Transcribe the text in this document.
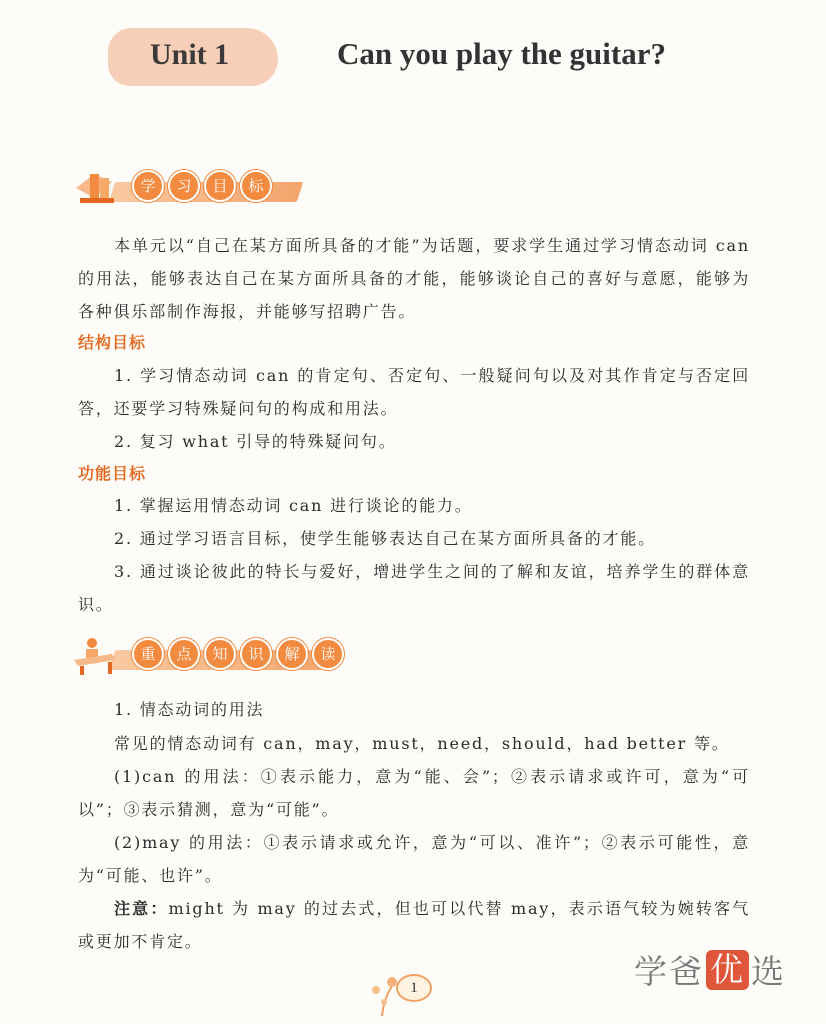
Unit 1	Can you play the guitar?
学	习	目	标
本单元以“自己在某方面所具备的才能”为话题，要求学生通过学习情态动词 can 的用法，能够表达自己在某方面所具备的才能，能够谈论自己的喜好与意愿，能够为各种俱乐部制作海报，并能够写招聘广告。
结构目标
1. 学习情态动词 can 的肯定句、否定句、一般疑问句以及对其作肯定与否定回答，还要学习特殊疑问句的构成和用法。
2. 复习 what 引导的特殊疑问句。
功能目标
1. 掌握运用情态动词 can 进行谈论的能力。
2. 通过学习语言目标，使学生能够表达自己在某方面所具备的才能。
3. 通过谈论彼此的特长与爱好，增进学生之间的了解和友谊，培养学生的群体意识。
重	点	知	识	解	读
1. 情态动词的用法
常见的情态动词有 can，may，must，need，should，had better 等。
(1)can 的用法：①表示能力，意为“能、会”；②表示请求或许可，意为“可以”；③表示猜测，意为“可能”。
(2)may 的用法：①表示请求或允许，意为“可以、准许”；②表示可能性，意为“可能、也许”。
注意：might 为 may 的过去式，但也可以代替 may，表示语气较为婉转客气或更加不肯定。
1	学爸 优 选
